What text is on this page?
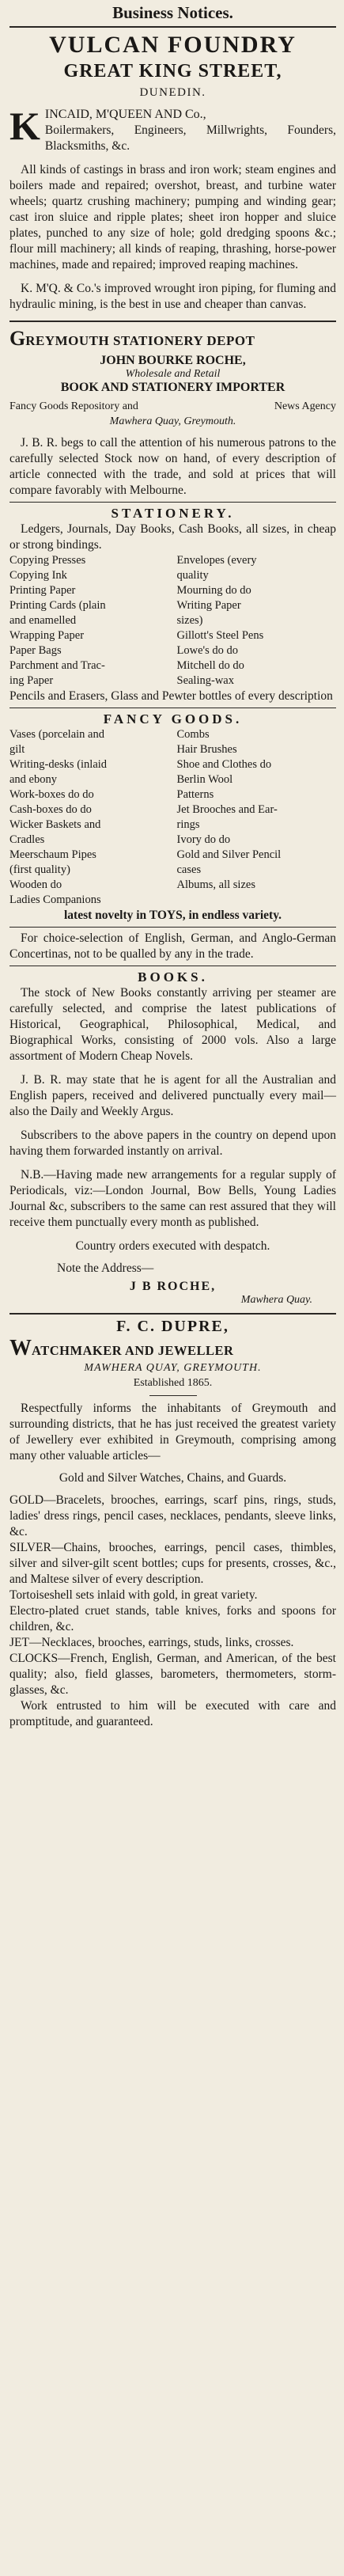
Business Notices.
VULCAN FOUNDRY
GREAT KING STREET,
DUNEDIN.
K INCAID, M'QUEEN AND Co.,

Boilermakers, Engineers, Millwrights, Founders, Blacksmiths, &c.

All kinds of castings in brass and iron work; steam engines and boilers made and repaired; overshot, breast, and turbine water wheels; quartz crushing machinery; pumping and winding gear; cast iron sluice and ripple plates; sheet iron hopper and sluice plates, punched to any size of hole; gold dredging spoons &c.; flour mill machinery; all kinds of reaping, thrashing, horse-power machines, made and repaired; improved reaping machines.

K. M'Q. & Co.'s improved wrought iron piping, for fluming and hydraulic mining, is the best in use and cheaper than canvas.

GREYMOUTH STATIONERY DEPOT
JOHN BOURKE ROCHE,
Wholesale and Retail
BOOK AND STATIONERY IMPORTER
Fancy Goods Repository and	News Agency
Mawhera Quay, Greymouth.

J. B. R. begs to call the attention of his numerous patrons to the carefully selected Stock now on hand, of every description of article connected with the trade, and sold at prices that will compare favorably with Melbourne.

STATIONERY.

Ledgers, Journals, Day Books, Cash Books, all sizes, in cheap or strong bindings.

Copying Presses	Envelopes (every
Copying Ink	quality
Printing Paper	Mourning do do
Printing Cards (plain	Writing Paper
and enamelled	sizes)
Wrapping Paper	Gillott's Steel Pens
Paper Bags	Lowe's do do
Parchment and Trac-	Mitchell do do
ing Paper	Sealing-wax

Pencils and Erasers, Glass and Pewter bottles of every description

FANCY GOODS.
Vases (porcelain and	Combs
gilt	Hair Brushes
Writing-desks (inlaid	Shoe and Clothes do
and ebony	Berlin Wool
Work-boxes do do	Patterns
Cash-boxes do do	Jet Brooches and Ear-
Wicker Baskets and	rings
Cradles	Ivory do do
Meerschaum Pipes	Gold and Silver Pencil
(first quality)	cases
Wooden do	Albums, all sizes
Ladies Companions

latest novelty in TOYS, in endless variety.

For choice-selection of English, German, and Anglo-German Concertinas, not to be qualled by any in the trade.

BOOKS.

The stock of New Books constantly arriving per steamer are carefully selected, and comprise the latest publications of Historical, Geographical, Philosophical, Medical, and Biographical Works, consisting of 2000 vols. Also a large assortment of Modern Cheap Novels.

J. B. R. may state that he is agent for all the Australian and English papers, received and delivered punctually every mail—also the Daily and Weekly Argus.

Subscribers to the above papers in the country on depend upon having them forwarded instantly on arrival.

N.B.—Having made new arrangements for a regular supply of Periodicals, viz:—London Journal, Bow Bells, Young Ladies Journal &c, subscribers to the same can rest assured that they will receive them punctually every month as published.

Country orders executed with despatch.

Note the Address—

J B ROCHE,

Mawhera Quay.

F. C. DUPRE,
WATCHMAKER AND JEWELLER
MAWHERA QUAY, GREYMOUTH.
Established 1865.

Respectfully informs the inhabitants of Greymouth and surrounding districts, that he has just received the greatest variety of Jewellery ever exhibited in Greymouth, comprising among many other valuable articles—

Gold and Silver Watches, Chains, and Guards.

GOLD—Bracelets, brooches, earrings, scarf pins, rings, studs, ladies' dress rings, pencil cases, necklaces, pendants, sleeve links, &c.

SILVER—Chains, brooches, earrings, pencil cases, thimbles, silver and silver-gilt scent bottles; cups for presents, crosses, &c., and Maltese silver of every description.

Tortoiseshell sets inlaid with gold, in great variety.

Electro-plated cruet stands, table knives, forks and spoons for children, &c.

JET—Necklaces, brooches, earrings, studs, links, crosses.

CLOCKS—French, English, German, and American, of the best quality; also, field glasses, barometers, thermometers, storm-glasses, &c.

Work entrusted to him will be executed with care and promptitude, and guaranteed.
